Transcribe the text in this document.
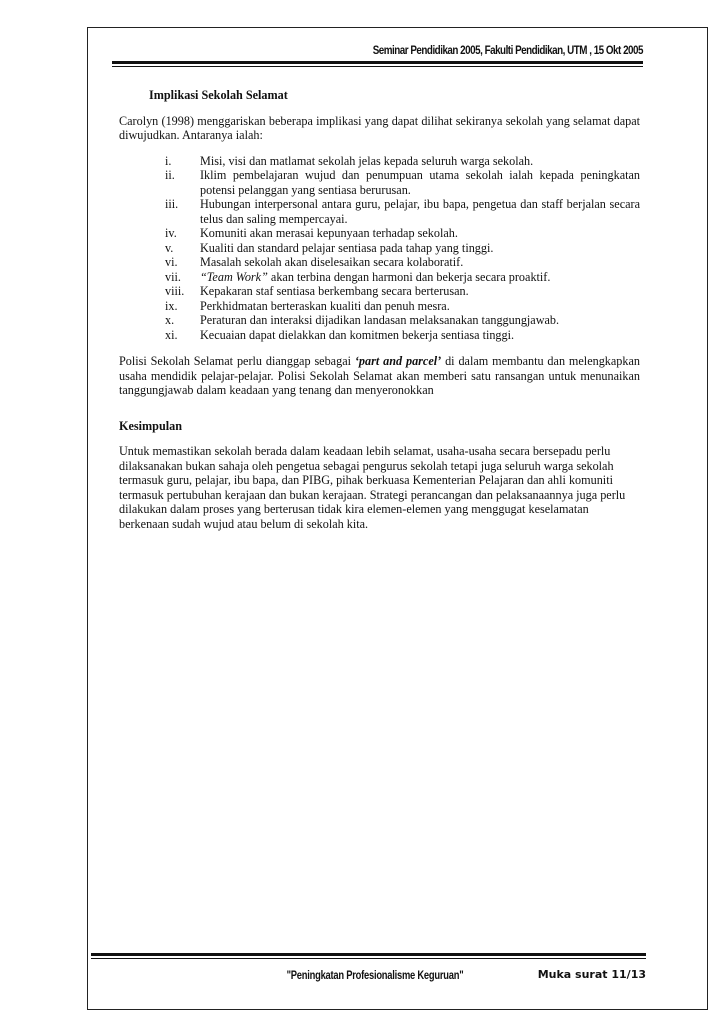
Seminar Pendidikan 2005, Fakulti Pendidikan, UTM , 15 Okt 2005
Implikasi Sekolah Selamat

Carolyn (1998) menggariskan beberapa implikasi yang dapat dilihat sekiranya sekolah yang selamat dapat diwujudkan. Antaranya ialah:

i.	Misi, visi dan matlamat sekolah jelas kepada seluruh warga sekolah.
ii.	Iklim pembelajaran wujud dan penumpuan utama sekolah ialah kepada peningkatan potensi pelanggan yang sentiasa berurusan.
iii.	Hubungan interpersonal antara guru, pelajar, ibu bapa, pengetua dan staff berjalan secara telus dan saling mempercayai.
iv.	Komuniti akan merasai kepunyaan terhadap sekolah.
v.	Kualiti dan standard pelajar sentiasa pada tahap yang tinggi.
vi.	Masalah sekolah akan diselesaikan secara kolaboratif.
vii.	“Team Work” akan terbina dengan harmoni dan bekerja secara proaktif.
viii.	Kepakaran staf sentiasa berkembang secara berterusan.
ix.	Perkhidmatan berteraskan kualiti dan penuh mesra.
x.	Peraturan dan interaksi dijadikan landasan melaksanakan tanggungjawab.
xi.	Kecuaian dapat dielakkan dan komitmen bekerja sentiasa tinggi.

Polisi Sekolah Selamat perlu dianggap sebagai ‘part and parcel’ di dalam membantu dan melengkapkan usaha mendidik pelajar-pelajar. Polisi Sekolah Selamat akan memberi satu ransangan untuk menunaikan tanggungjawab dalam keadaan yang tenang dan menyeronokkan

Kesimpulan

Untuk memastikan sekolah berada dalam keadaan lebih selamat, usaha-usaha secara bersepadu perlu dilaksanakan bukan sahaja oleh pengetua sebagai pengurus sekolah tetapi juga seluruh warga sekolah termasuk guru, pelajar, ibu bapa, dan PIBG, pihak berkuasa Kementerian Pelajaran dan ahli komuniti termasuk pertubuhan kerajaan dan bukan kerajaan. Strategi perancangan dan pelaksanaannya juga perlu dilakukan dalam proses yang berterusan tidak kira elemen-elemen yang menggugat keselamatan berkenaan sudah wujud atau belum di sekolah kita.

"Peningkatan Profesionalisme Keguruan"	Muka surat 11/13
